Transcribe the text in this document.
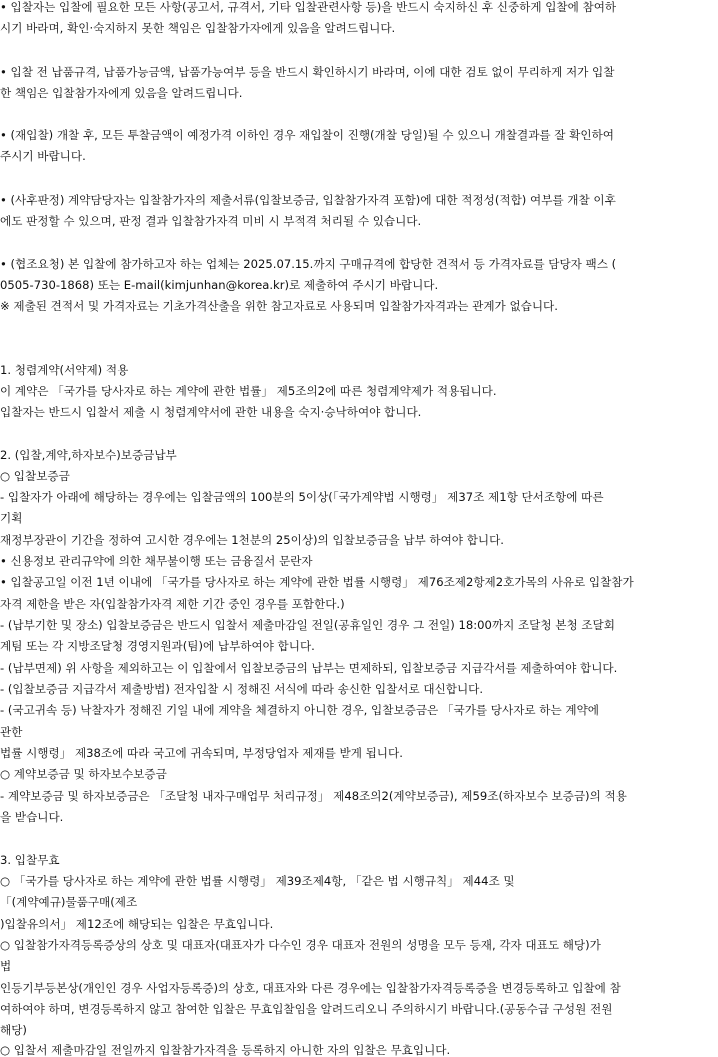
• 입찰자는 입찰에 필요한 모든 사항(공고서, 규격서, 기타 입찰관련사항 등)을 반드시 숙지하신 후 신중하게 입찰에 참여하
시기 바라며, 확인·숙지하지 못한 책임은 입찰참가자에게 있음을 알려드립니다.
• 입찰 전 납품규격, 납품가능금액, 납품가능여부 등을 반드시 확인하시기 바라며, 이에 대한 검토 없이 무리하게 저가 입찰
한 책임은 입찰참가자에게 있음을 알려드립니다.
• (재입찰) 개찰 후, 모든 투찰금액이 예정가격 이하인 경우 재입찰이 진행(개찰 당일)될 수 있으니 개찰결과를 잘 확인하여
주시기 바랍니다.
• (사후판정) 계약담당자는 입찰참가자의 제출서류(입찰보증금, 입찰참가자격 포함)에 대한 적정성(적합) 여부를 개찰 이후
에도 판정할 수 있으며, 판정 결과 입찰참가자격 미비 시 부적격 처리될 수 있습니다.
• (협조요청) 본 입찰에 참가하고자 하는 업체는 2025.07.15.까지 구매규격에 합당한 견적서 등 가격자료를 담당자 팩스 (
0505-730-1868) 또는 E-mail(kimjunhan@korea.kr)로 제출하여 주시기 바랍니다.
※ 제출된 견적서 및 가격자료는 기초가격산출을 위한 참고자료로 사용되며 입찰참가자격과는 관계가 없습니다.
1. 청렴계약(서약제) 적용
이 계약은 「국가를 당사자로 하는 계약에 관한 법률」 제5조의2에 따른 청렴계약제가 적용됩니다.
입찰자는 반드시 입찰서 제출 시 청렴계약서에 관한 내용을 숙지·승낙하여야 합니다.
2. (입찰,계약,하자보수)보증금납부
○ 입찰보증금
- 입찰자가 아래에 해당하는 경우에는 입찰금액의 100분의 5이상(「국가계약법 시행령」 제37조 제1항 단서조항에 따른
기획
재정부장관이 기간을 정하여 고시한 경우에는 1천분의 25이상)의 입찰보증금을 납부 하여야 합니다.
• 신용정보 관리규약에 의한 채무불이행 또는 금융질서 문란자
• 입찰공고일 이전 1년 이내에 「국가를 당사자로 하는 계약에 관한 법률 시행령」 제76조제2항제2호가목의 사유로 입찰참가
자격 제한을 받은 자(입찰참가자격 제한 기간 중인 경우를 포함한다.)
- (납부기한 및 장소) 입찰보증금은 반드시 입찰서 제출마감일 전일(공휴일인 경우 그 전일) 18:00까지 조달청 본청 조달회
계팀 또는 각 지방조달청 경영지원과(팀)에 납부하여야 합니다.
- (납부면제) 위 사항을 제외하고는 이 입찰에서 입찰보증금의 납부는 면제하되, 입찰보증금 지급각서를 제출하여야 합니다.
- (입찰보증금 지급각서 제출방법) 전자입찰 시 정해진 서식에 따라 송신한 입찰서로 대신합니다.
- (국고귀속 등) 낙찰자가 정해진 기일 내에 계약을 체결하지 아니한 경우, 입찰보증금은 「국가를 당사자로 하는 계약에
관한
법률 시행령」 제38조에 따라 국고에 귀속되며, 부정당업자 제재를 받게 됩니다.
○ 계약보증금 및 하자보수보증금
- 계약보증금 및 하자보증금은 「조달청 내자구매업무 처리규정」 제48조의2(계약보증금), 제59조(하자보수 보증금)의 적용
을 받습니다.
3. 입찰무효
○ 「국가를 당사자로 하는 계약에 관한 법률 시행령」 제39조제4항, 「같은 법 시행규칙」 제44조 및
「(계약예규)물품구매(제조
)입찰유의서」 제12조에 해당되는 입찰은 무효입니다.
○ 입찰참가자격등록증상의 상호 및 대표자(대표자가 다수인 경우 대표자 전원의 성명을 모두 등재, 각자 대표도 해당)가
법
인등기부등본상(개인인 경우 사업자등록증)의 상호, 대표자와 다른 경우에는 입찰참가자격등록증을 변경등록하고 입찰에 참
여하여야 하며, 변경등록하지 않고 참여한 입찰은 무효입찰임을 알려드리오니 주의하시기 바랍니다.(공동수급 구성원 전원
해당)
○ 입찰서 제출마감일 전일까지 입찰참가자격을 등록하지 아니한 자의 입찰은 무효입니다.
